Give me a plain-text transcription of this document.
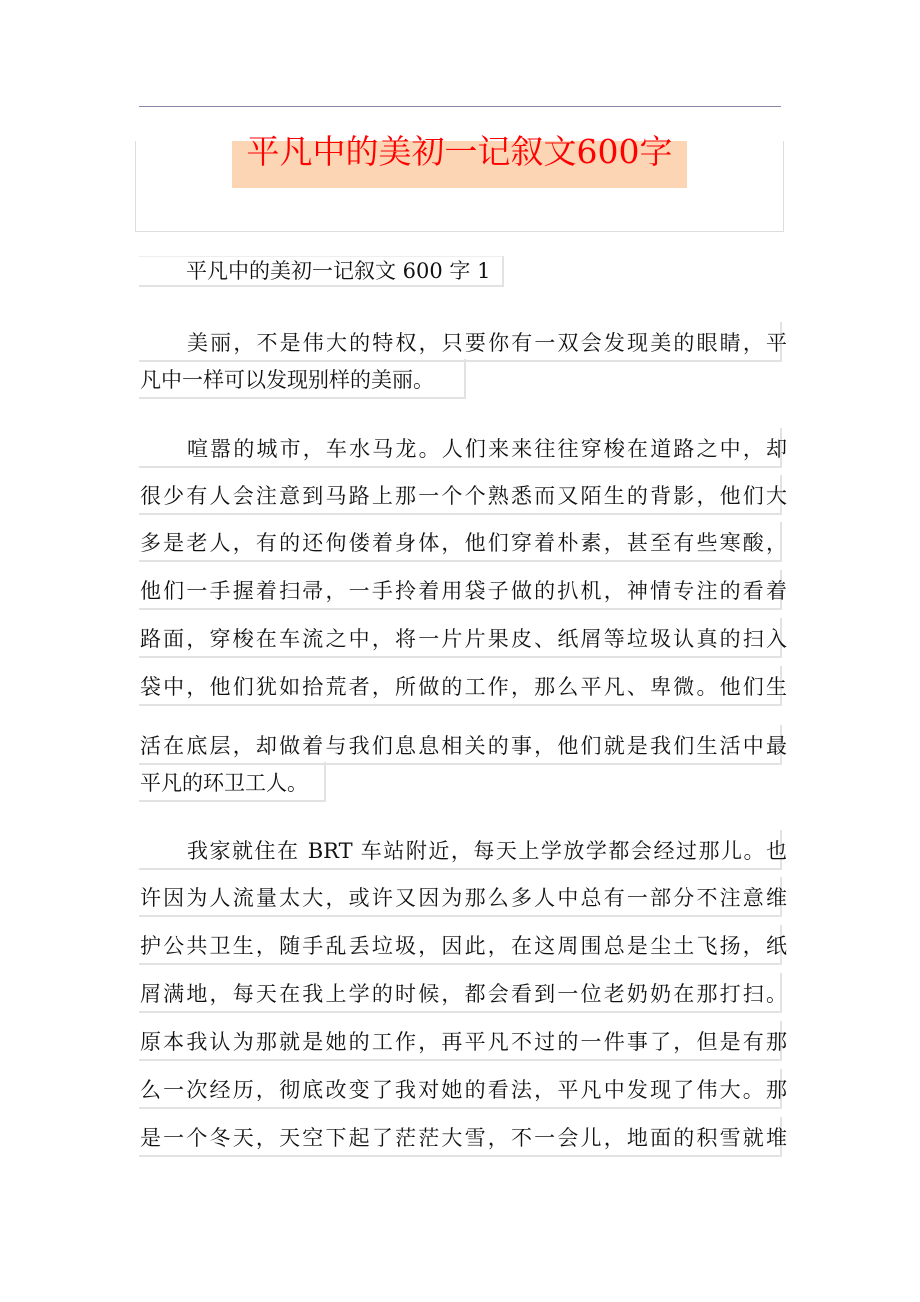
平凡中的美初一记叙文600字
平凡中的美初一记叙文 600 字 1
美丽，不是伟大的特权，只要你有一双会发现美的眼睛，平
凡中一样可以发现别样的美丽。
喧嚣的城市，车水马龙。人们来来往往穿梭在道路之中，却
很少有人会注意到马路上那一个个熟悉而又陌生的背影，他们大
多是老人，有的还佝偻着身体，他们穿着朴素，甚至有些寒酸，
他们一手握着扫帚，一手拎着用袋子做的扒机，神情专注的看着
路面，穿梭在车流之中，将一片片果皮、纸屑等垃圾认真的扫入
袋中，他们犹如拾荒者，所做的工作，那么平凡、卑微。他们生
活在底层，却做着与我们息息相关的事，他们就是我们生活中最
平凡的环卫工人。
我家就住在 BRT 车站附近，每天上学放学都会经过那儿。也
许因为人流量太大，或许又因为那么多人中总有一部分不注意维
护公共卫生，随手乱丢垃圾，因此，在这周围总是尘土飞扬，纸
屑满地，每天在我上学的时候，都会看到一位老奶奶在那打扫。
原本我认为那就是她的工作，再平凡不过的一件事了，但是有那
么一次经历，彻底改变了我对她的看法，平凡中发现了伟大。那
是一个冬天，天空下起了茫茫大雪，不一会儿，地面的积雪就堆
